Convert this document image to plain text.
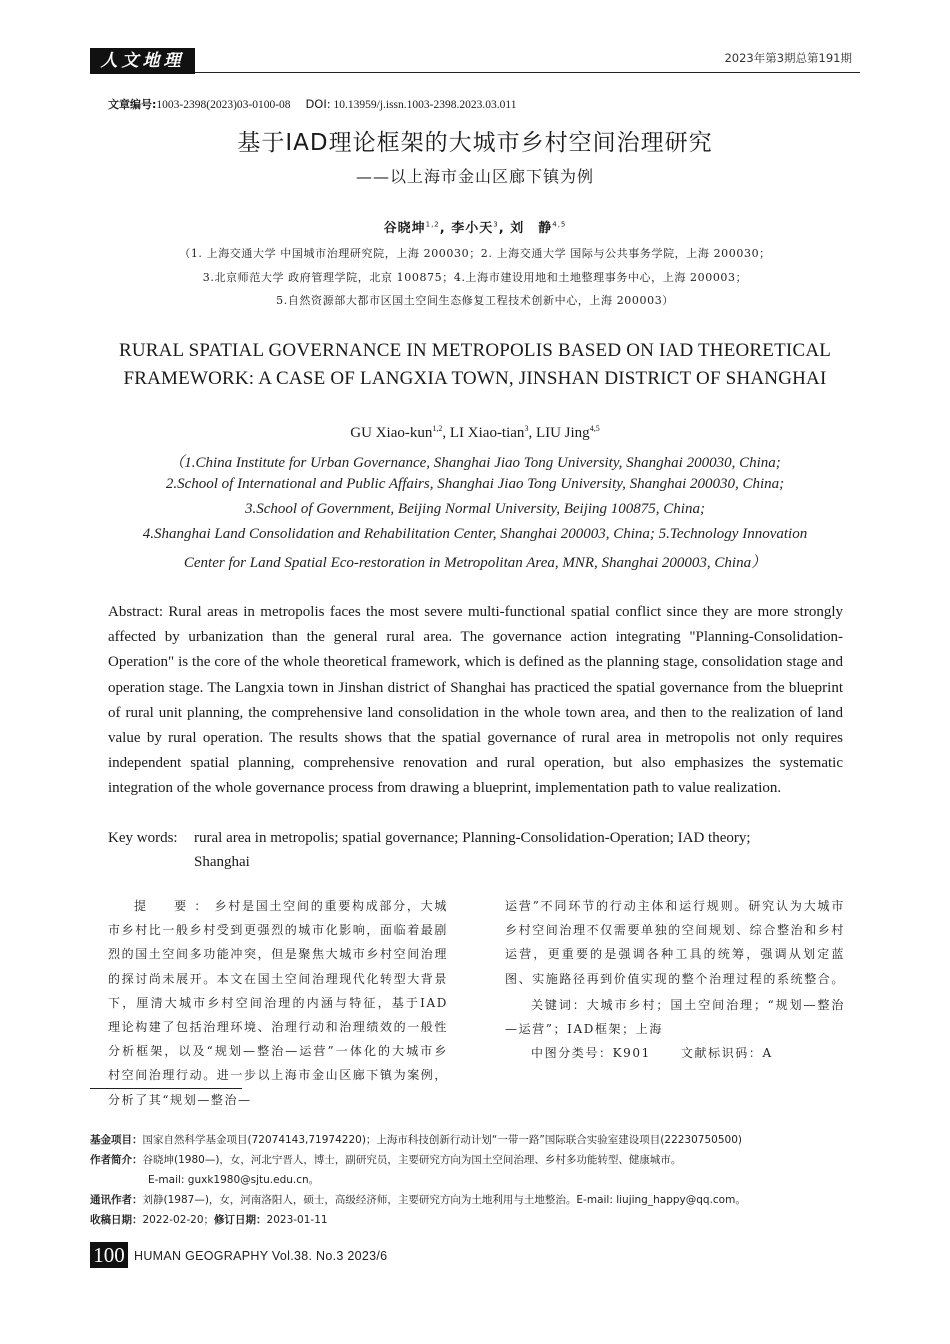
人文地理	2023年第3期总第191期
文章编号:1003-2398(2023)03-0100-08 DOI: 10.13959/j.issn.1003-2398.2023.03.011
基于IAD理论框架的大城市乡村空间治理研究
——以上海市金山区廊下镇为例
谷晓坤$^{1,2}$, 李小天$^3$, 刘　静$^{4,5}$
（1. 上海交通大学 中国城市治理研究院，上海 200030；2. 上海交通大学 国际与公共事务学院，上海 200030；
3.北京师范大学 政府管理学院，北京 100875；4.上海市建设用地和土地整理事务中心，上海 200003；
5.自然资源部大都市区国土空间生态修复工程技术创新中心，上海 200003）
RURAL SPATIAL GOVERNANCE IN METROPOLIS BASED ON IAD THEORETICAL
FRAMEWORK: A CASE OF LANGXIA TOWN, JINSHAN DISTRICT OF SHANGHAI
GU Xiao-kun$^{1,2}$, LI Xiao-tian$^3$, LIU Jing$^{4,5}$
（1.China Institute for Urban Governance, Shanghai Jiao Tong University, Shanghai 200030, China;
2.School of International and Public Affairs, Shanghai Jiao Tong University, Shanghai 200030, China;
3.School of Government, Beijing Normal University, Beijing 100875, China;
4.Shanghai Land Consolidation and Rehabilitation Center, Shanghai 200003, China; 5.Technology Innovation
Center for Land Spatial Eco-restoration in Metropolitan Area, MNR, Shanghai 200003, China）
Abstract: Rural areas in metropolis faces the most severe multi-functional spatial conflict since they are more strongly affected by urbanization than the general rural area. The governance action integrating "Planning-Consolidation-Operation" is the core of the whole theoretical framework, which is defined as the planning stage, consolidation stage and operation stage. The Langxia town in Jinshan district of Shanghai has practiced the spatial governance from the blueprint of rural unit planning, the comprehensive land consolidation in the whole town area, and then to the realization of land value by rural operation. The results shows that the spatial governance of rural area in metropolis not only requires independent spatial planning, comprehensive renovation and rural operation, but also emphasizes the systematic integration of the whole governance process from drawing a blueprint, implementation path to value realization.
Key words: rural area in metropolis; spatial governance; Planning-Consolidation-Operation; IAD theory;
Shanghai

提　要：乡村是国土空间的重要构成部分，大城市乡村比一般乡村受到更强烈的城市化影响，面临着最剧烈的国土空间多功能冲突，但是聚焦大城市乡村空间治理的探讨尚未展开。本文在国土空间治理现代化转型大背景下，厘清大城市乡村空间治理的内涵与特征，基于IAD理论构建了包括治理环境、治理行动和治理绩效的一般性分析框架，以及“规划—整治—运营”一体化的大城市乡村空间治理行动。进一步以上海市金山区廊下镇为案例，分析了其“规划—整治—

运营”不同环节的行动主体和运行规则。研究认为大城市乡村空间治理不仅需要单独的空间规划、综合整治和乡村运营，更重要的是强调各种工具的统筹，强调从划定蓝图、实施路径再到价值实现的整个治理过程的系统整合。

关键词：大城市乡村；国土空间治理；“规划—整治—运营”；IAD框架；上海

中图分类号：K901	文献标识码：A

基金项目：国家自然科学基金项目(72074143,71974220)；上海市科技创新行动计划“一带一路”国际联合实验室建设项目(22230750500)
作者简介：谷晓坤(1980—)，女，河北宁晋人，博士，副研究员，主要研究方向为国土空间治理、乡村多功能转型、健康城市。
E-mail: guxk1980@sjtu.edu.cn。
通讯作者：刘静(1987—)，女，河南洛阳人，硕士，高级经济师，主要研究方向为土地利用与土地整治。E-mail: liujing_happy@qq.com。
收稿日期：2022-02-20；修订日期：2023-01-11
100 HUMAN GEOGRAPHY Vol.38. No.3 2023/6
